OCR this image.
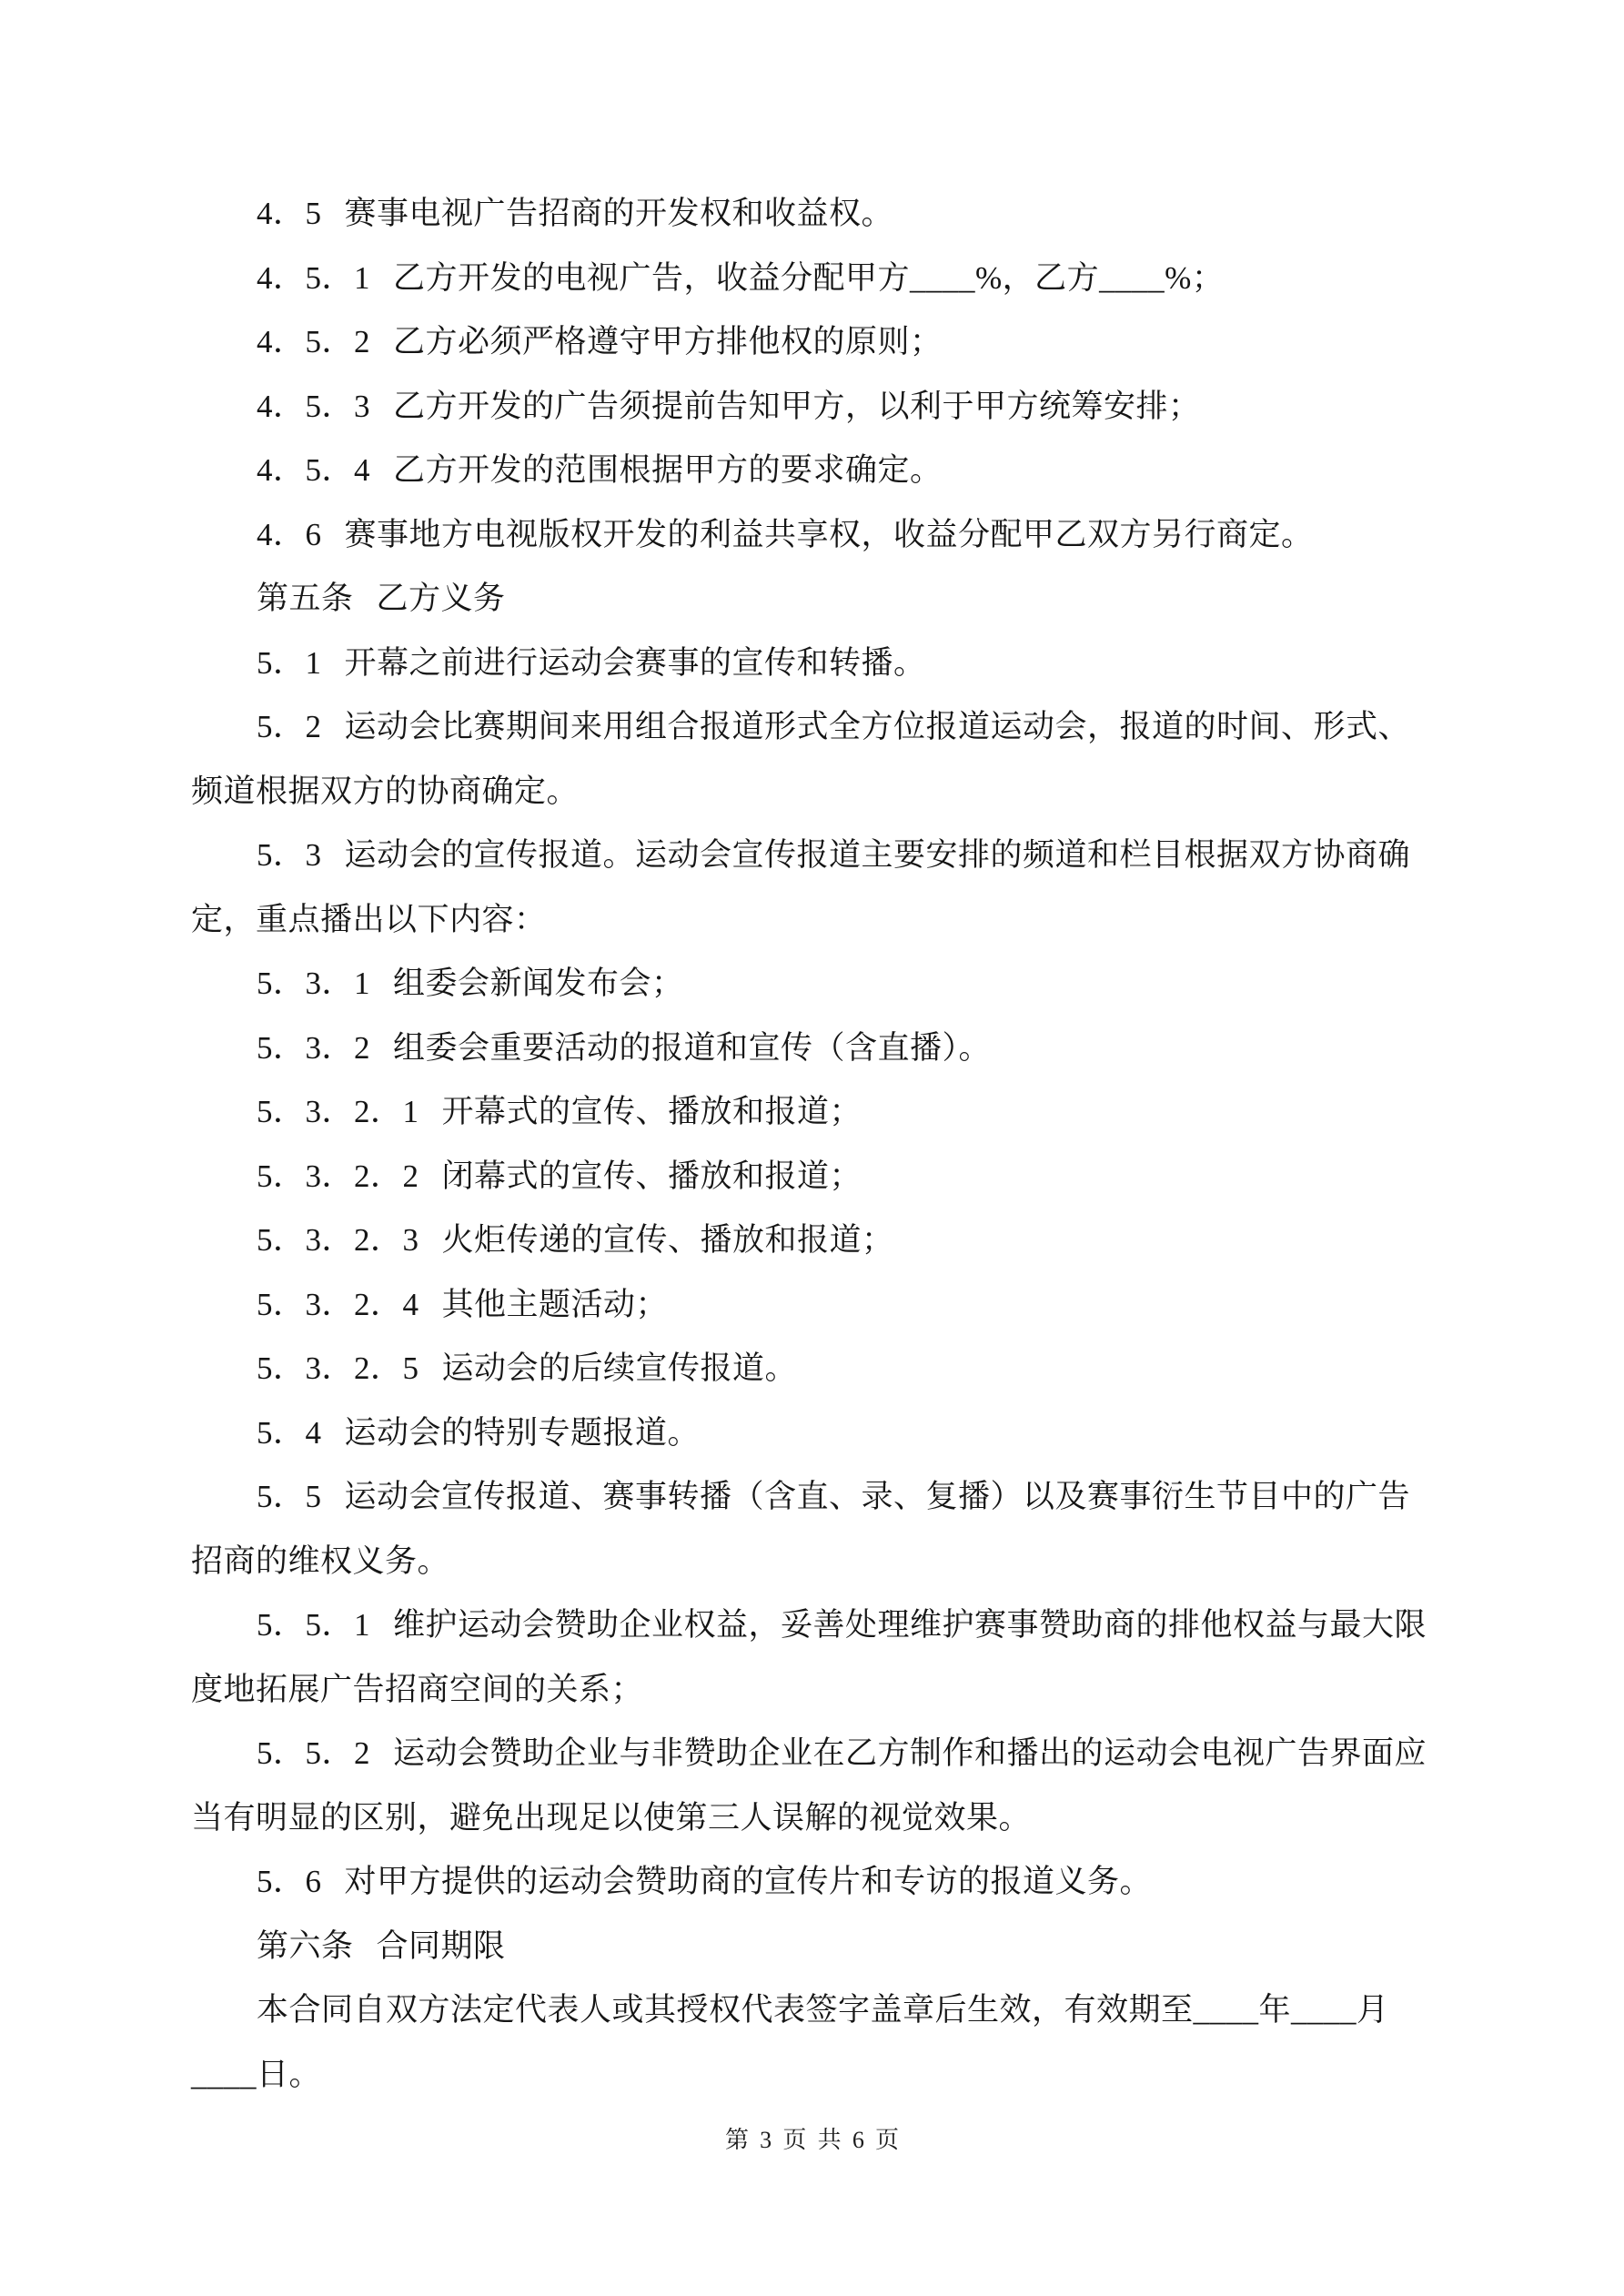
4．5 赛事电视广告招商的开发权和收益权。
4．5．1 乙方开发的电视广告，收益分配甲方____%，乙方____%；
4．5．2 乙方必须严格遵守甲方排他权的原则；
4．5．3 乙方开发的广告须提前告知甲方，以利于甲方统筹安排；
4．5．4 乙方开发的范围根据甲方的要求确定。
4．6 赛事地方电视版权开发的利益共享权，收益分配甲乙双方另行商定。
第五条 乙方义务
5．1 开幕之前进行运动会赛事的宣传和转播。
5．2 运动会比赛期间来用组合报道形式全方位报道运动会，报道的时间、形式、
频道根据双方的协商确定。
5．3 运动会的宣传报道。运动会宣传报道主要安排的频道和栏目根据双方协商确
定，重点播出以下内容：
5．3．1 组委会新闻发布会；
5．3．2 组委会重要活动的报道和宣传（含直播）。
5．3．2．1 开幕式的宣传、播放和报道；
5．3．2．2 闭幕式的宣传、播放和报道；
5．3．2．3 火炬传递的宣传、播放和报道；
5．3．2．4 其他主题活动；
5．3．2．5 运动会的后续宣传报道。
5．4 运动会的特别专题报道。
5．5 运动会宣传报道、赛事转播（含直、录、复播）以及赛事衍生节目中的广告
招商的维权义务。
5．5．1 维护运动会赞助企业权益，妥善处理维护赛事赞助商的排他权益与最大限
度地拓展广告招商空间的关系；
5．5．2 运动会赞助企业与非赞助企业在乙方制作和播出的运动会电视广告界面应
当有明显的区别，避免出现足以使第三人误解的视觉效果。
5．6 对甲方提供的运动会赞助商的宣传片和专访的报道义务。
第六条 合同期限
本合同自双方法定代表人或其授权代表签字盖章后生效，有效期至____年____月
____日。
第 3 页 共 6 页
